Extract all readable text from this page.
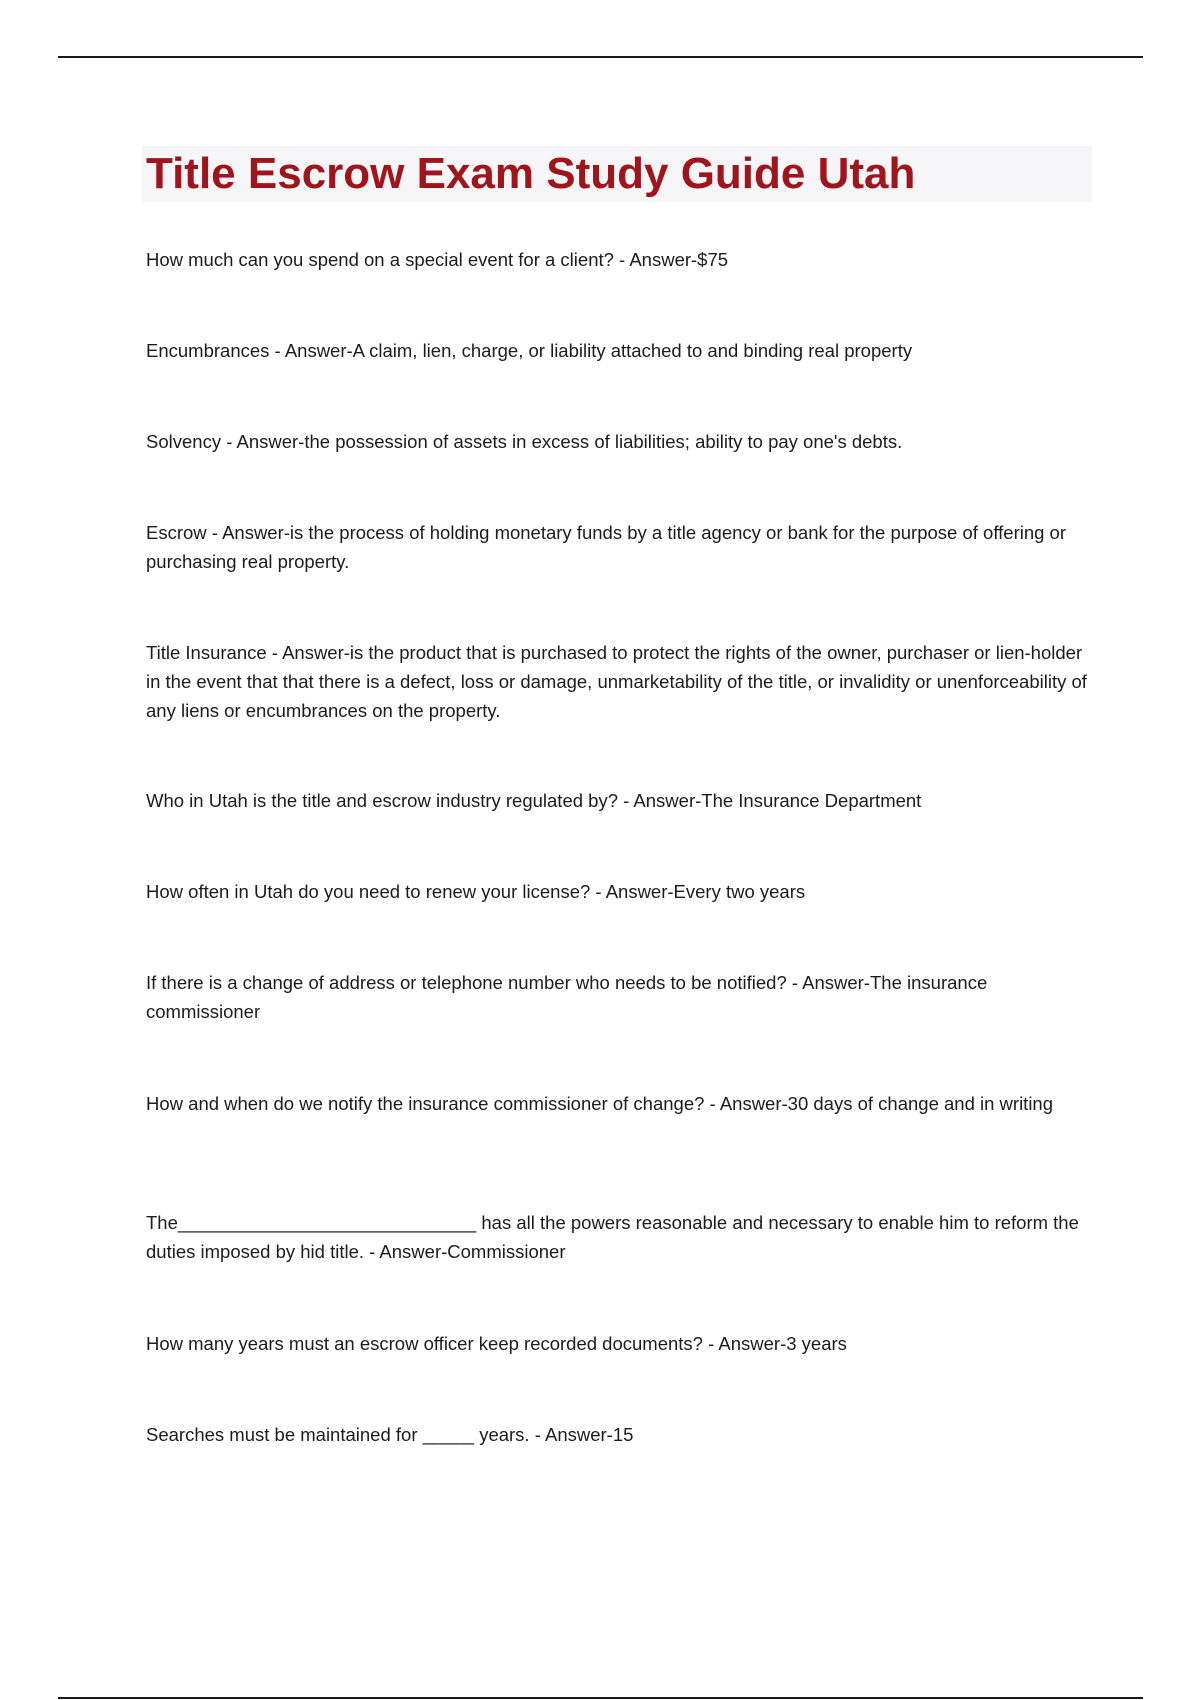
Title Escrow Exam Study Guide Utah

How much can you spend on a special event for a client? - Answer-$75

Encumbrances - Answer-A claim, lien, charge, or liability attached to and binding real property

Solvency - Answer-the possession of assets in excess of liabilities; ability to pay one's debts.

Escrow - Answer-is the process of holding monetary funds by a title agency or bank for the purpose of offering or purchasing real property.

Title Insurance - Answer-is the product that is purchased to protect the rights of the owner, purchaser or lien-holder in the event that that there is a defect, loss or damage, unmarketability of the title, or invalidity or unenforceability of any liens or encumbrances on the property.

Who in Utah is the title and escrow industry regulated by? - Answer-The Insurance Department

How often in Utah do you need to renew your license? - Answer-Every two years

If there is a change of address or telephone number who needs to be notified? - Answer-The insurance commissioner

How and when do we notify the insurance commissioner of change? - Answer-30 days of change and in writing

The_____________________________ has all the powers reasonable and necessary to enable him to reform the duties imposed by hid title. - Answer-Commissioner

How many years must an escrow officer keep recorded documents? - Answer-3 years

Searches must be maintained for _____ years. - Answer-15
